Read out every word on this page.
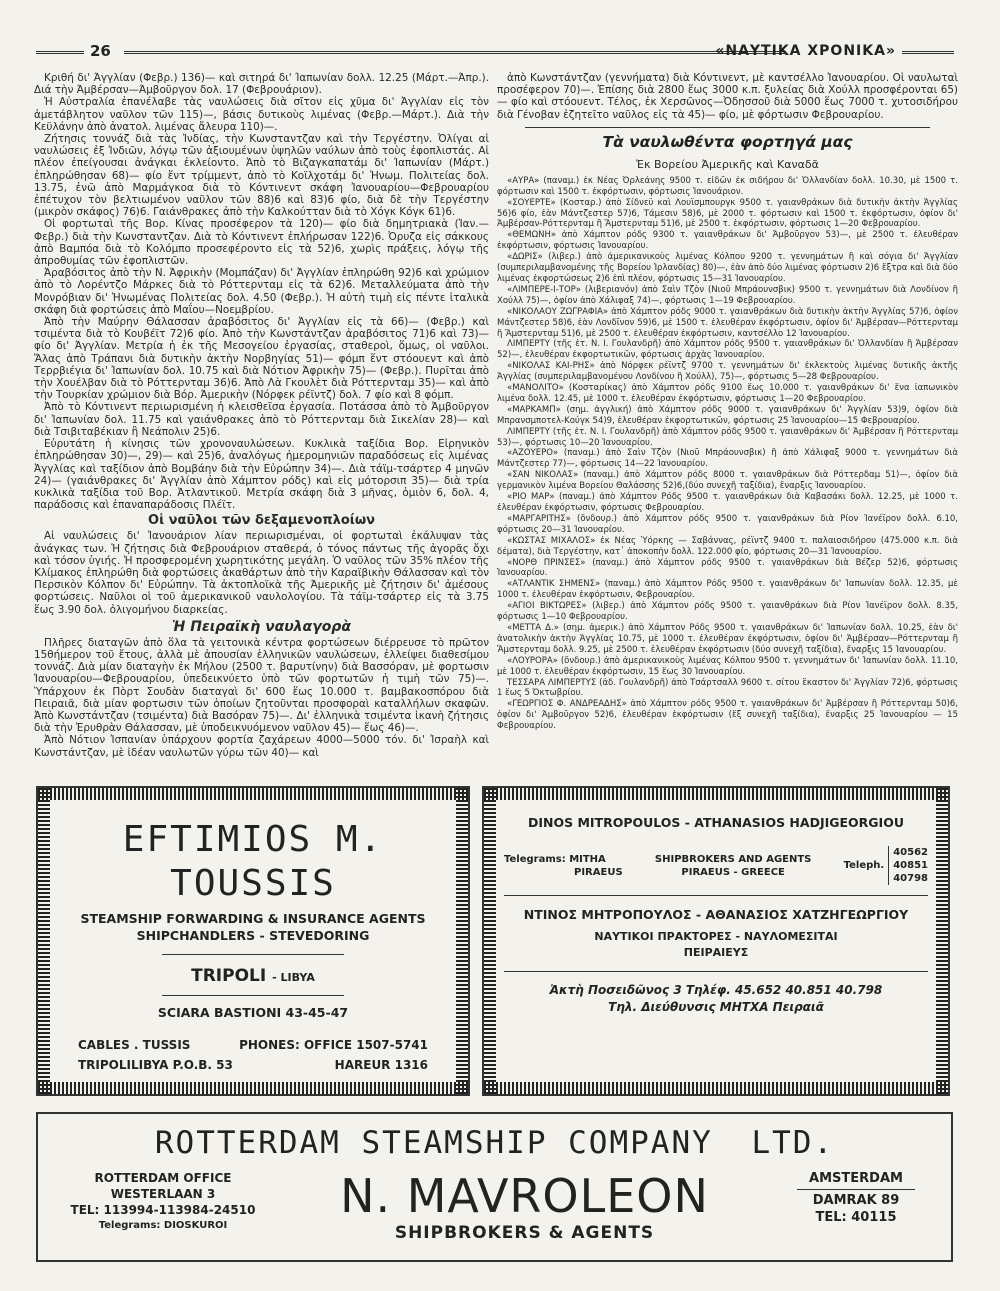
26	«ΝΑΥΤΙΚΑ ΧΡΟΝΙΚΑ»

Κριθή δι' Άγγλίαν (Φεβρ.) 136)— καὶ σιτηρά δι' Ίαπωνίαν δολλ. 12.25 (Μάρτ.—Άπρ.). Διά τὴν Άμβέρσαν—Άμβοῦργον δολ. 17 (Φεβρουάριον).

Ἡ Αὐστραλία ἐπανέλαβε τὰς ναυλώσεις διὰ σῖτον εἰς χῦμα δι' Ἀγγλίαν εἰς τὸν ἀμετάβλητον ναῦλον τῶν 115)—, βάσις δυτικοὺς λιμένας (Φεβρ.—Μάρτ.). Διὰ τὴν Κεϋλάνην ἀπὸ ἀνατολ. λιμένας ἄλευρα 110)—.

Ζήτησις τοννάζ διὰ τὰς Ἰνδίας, τὴν Κωνσταντζαν καὶ τὴν Τεργέστην. Ὀλίγαι αἱ ναυλώσεις ἐξ Ἰνδιῶν, λόγῳ τῶν ἀξιουμένων ὑψηλῶν ναύλων ἀπὸ τοὺς ἐφοπλιστάς. Αἱ πλέον ἐπείγουσαι ἀνάγκαι ἐκλείοντο. Ἀπὸ τὸ Βιζαγκαπατάμ δι' Ἰαπωνίαν (Μάρτ.) ἐπληρώθησαν 68)— φίο ἕντ τρίμμεντ, ἀπὸ τὸ Κοϊλχοτάμ δι' Ἡνωμ. Πολιτείας δολ. 13.75, ἐνῶ ἀπὸ Μαρμάγκοα διὰ τὸ Κόντινεντ σκάφη Ἰανουαρίου—Φεβρουαρίου ἐπέτυχον τὸν βελτιωμένον ναῦλον τῶν 88)6 καὶ 83)6 φίο, διὰ δὲ τὴν Τεργέστην (μικρὸν σκάφος) 76)6. Γαιάνθρακες ἀπὸ τὴν Καλκούτταν διὰ τὸ Χόγκ Κόγκ 61)6.

Οἱ φορτωταὶ τῆς Βορ. Κίνας προσέφερον τὰ 120)— φίο διὰ δημητριακὰ (Ἰαν.—Φεβρ.) διὰ τὴν Κωνσταντζαν. Διὰ τὸ Κόντινεντ ἐπλήρωσαν 122)6. Ὀρυζα εἰς σάκκους ἀπὸ Βαμπόα διὰ τὸ Κολόμπο προσεφέροντο εἰς τὰ 52)6, χωρὶς πράξεις, λόγῳ τῆς ἀπροθυμίας τῶν ἐφοπλιστῶν.

Ἀραβόσιτος ἀπὸ τὴν Ν. Ἀφρικὴν (Μομπάζαν) δι' Ἀγγλίαν ἐπληρώθη 92)6 καὶ χρώμιον ἀπὸ τὸ Λορέντζο Μάρκες διὰ τὸ Ρόττερνταμ εἰς τὰ 62)6. Μεταλλεύματα ἀπὸ τὴν Μονρόβιαν δι' Ἡνωμένας Πολιτείας δολ. 4.50 (Φεβρ.). Ἡ αὐτὴ τιμὴ εἰς πέντε ἰταλικὰ σκάφη διὰ φορτώσεις ἀπὸ Μαΐου—Νοεμβρίου.

Ἀπὸ τὴν Μαύρην Θάλασσαν ἀραβόσιτος δι' Ἀγγλίαν εἰς τὰ 66)— (Φεβρ.) καὶ τσιμέντα διὰ τὸ Κουβέϊτ 72)6 φίο. Ἀπὸ τὴν Κωνστάντζαν ἀραβόσιτος 71)6 καὶ 73)— φίο δι' Ἀγγλίαν. Μετρία ἡ ἐκ τῆς Μεσογείου ἐργασίας, σταθεροὶ, ὅμως, οἱ ναῦλοι. Ἄλας ἀπὸ Τράπανι διὰ δυτικὴν ἀκτὴν Νορβηγίας 51)— φόμπ ἕντ στόουεντ καὶ ἀπὸ Τερρβιέγια δι' Ἰαπωνίαν δολ. 10.75 καὶ διὰ Νότιον Ἀφρικὴν 75)— (Φεβρ.). Πυρῖται ἀπὸ τὴν Χουέλβαν διὰ τὸ Ρόττερνταμ 36)6. Ἀπὸ Λὰ Γκουλὲτ διὰ Ρόττερνταμ 35)— καὶ ἀπὸ τὴν Τουρκίαν χρώμιον διὰ Βόρ. Ἀμερικὴν (Νόρφεκ ρέϊντζ) δολ. 7 φίο καὶ 8 φόμπ.

Ἀπὸ τὸ Κόντινεντ περιωρισμένη ἡ κλεισθεῖσα ἐργασία. Ποτάσσα ἀπὸ τὸ Ἀμβοῦργον δι' Ἰαπωνίαν δολ. 11.75 καὶ γαιάνθρακες ἀπὸ τὸ Ρόττερνταμ διὰ Σικελίαν 28)— καὶ διὰ Τσιβιταβέκιαν ἢ Νεάπολιν 25)6.

Εὐρυτάτη ἡ κίνησις τῶν χρονοναυλώσεων. Κυκλικὰ ταξίδια Βορ. Εἰρηνικὸν ἐπληρώθησαν 30)—, 29)— καὶ 25)6, ἀναλόγως ἡμερομηνιῶν παραδόσεως εἰς λιμένας Ἀγγλίας καὶ ταξίδιον ἀπὸ Βομβάην διὰ τὴν Εὐρώπην 34)—. Διὰ τάϊμ-τσάρτερ 4 μηνῶν 24)— (γαιάνθρακες δι' Ἀγγλίαν ἀπὸ Χάμπτον ρόδς) καὶ εἰς μότορσιπ 35)— διὰ τρία κυκλικὰ ταξίδια τοῦ Βορ. Ἀτλαντικοῦ. Μετρία σκάφη διὰ 3 μῆνας, ὁμιὸν 6, δολ. 4, παράδοσις καὶ ἐπαναπαράδοσις Πλέϊτ.

Οἱ ναῦλοι τῶν δεξαμενοπλοίων

Αἱ ναυλώσεις δι' Ἰανουάριον λίαν περιωρισμέναι, οἱ φορτωταὶ ἐκάλυψαν τὰς ἀνάγκας των. Ἡ ζήτησις διὰ Φεβρουάριον σταθερά, ὁ τόνος πάντως τῆς ἀγορᾶς ὄχι καὶ τόσον ὑγιής. Ἡ προσφερομένη χωρητικότης μεγάλη. Ὁ ναῦλος τῶν 35% πλέον τῆς Κλίμακος ἐπληρώθη διὰ φορτώσεις ἀκαθάρτων ἀπὸ τὴν Καραϊβικὴν Θάλασσαν καὶ τὸν Περσικὸν Κόλπον δι' Εὐρώπην. Τὰ ἀκτοπλοϊκὰ τῆς Ἀμερικῆς μὲ ζήτησιν δι' ἀμέσους φορτώσεις. Ναῦλοι οἱ τοῦ ἀμερικανικοῦ ναυλολογίου. Τὰ τάϊμ-τσάρτερ εἰς τὰ 3.75 ἕως 3.90 δολ. ὀλιγομήνου διαρκείας.

Ἡ Πειραϊκὴ ναυλαγορὰ

Πλῆρες διαταγῶν ἀπὸ ὅλα τὰ γειτονικὰ κέντρα φορτώσεων διέρρευσε τὸ πρῶτον 15θήμερον τοῦ ἔτους, ἀλλὰ μὲ ἀπουσίαν ἑλληνικῶν ναυλώσεων, ἐλλείψει διαθεσίμου τοννάζ. Διὰ μίαν διαταγὴν ἐκ Μήλου (2500 τ. βαρυτίνην) διὰ Βασσόραν, μὲ φορτωσιν Ἰανουαρίου—Φεβρουαρίου, ὑπεδεικνύετο ὑπὸ τῶν φορτωτῶν ἡ τιμὴ τῶν 75)—. Ὑπάρχουν ἐκ Πὸρτ Σουδὰν διαταγαὶ δι' 600 ἕως 10.000 τ. βαμβακοσπόρου διὰ Πειραιᾶ, διὰ μίαν φορτωσιν τῶν ὁποίων ζητοῦνται προσφοραὶ καταλλήλων σκαφῶν. Ἀπὸ Κωνστάντζαν (τσιμέντα) διὰ Βασόραν 75)—. Δι' ἑλληνικὰ τσιμέντα ἱκανὴ ζήτησις διὰ τὴν Ἐρυθρὰν Θάλασσαν, μὲ ὑποδεικνυόμενον ναῦλον 45)— ἕως 46)—.

Ἀπὸ Νότιον Ἰσπανίαν ὑπάρχουν φορτία ζαχάρεων 4000—5000 τόν. δι' Ἰσραὴλ καὶ Κωνστάντζαν, μὲ ἰδέαν ναυλωτῶν γύρω τῶν 40)— καὶ

ἀπὸ Κωνστάντζαν (γεννήματα) διὰ Κόντινεντ, μὲ καντσέλλο Ἰανουαρίου. Οἱ ναυλωταὶ προσέφερον 70)—. Ἐπίσης διὰ 2800 ἕως 3000 κ.π. ξυλείας διὰ Χούλλ προσφέρονται 65)— φίο καὶ στόουεντ. Τέλος, ἐκ Χερσῶνος—Ὀδησσοῦ διὰ 5000 ἕως 7000 τ. χυτοσιδήρου διὰ Γένοβαν ἐζητεῖτο ναῦλος εἰς τὰ 45)— φίο, μὲ φόρτωσιν Φεβρουαρίου.

Τὰ ναυλωθέντα φορτηγά μας
Ἐκ Βορείου Ἀμερικῆς καὶ Καναδᾶ

«ΑΥΡΑ» (παναμ.) ἐκ Νέας Ὀρλεάνης 9500 τ. εἰδῶν ἐκ σιδήρου δι' Ὀλλανδίαν δολλ. 10.30, μὲ 1500 τ. φόρτωσιν καὶ 1500 τ. ἐκφόρτωσιν, φόρτωσις Ἰανουάριον.

«ΣΟΥΕΡΤΕ» (Κοσταρ.) ἀπὸ Σίδνεϋ καὶ Λουϊσμπουργκ 9500 τ. γαιανθράκων διὰ δυτικὴν ἀκτὴν Ἀγγλίας 56)6 φίο, ἐὰν Μάντζεστερ 57)6, Τάμεσιν 58)6, μὲ 2000 τ. φόρτωσιν καὶ 1500 τ. ἐκφόρτωσιν, ὁφίον δι' Ἀμβέρσαν-Ρόττερνταμ ἢ Ἄμστερνταμ 51)6, μὲ 2500 τ. ἐκφόρτωσιν, φόρτωσις 1—20 Φεβρουαρίου.

«ΘΕΜΩΝΗ» ἀπὸ Χάμπτον ρόδς 9300 τ. γαιανθράκων δι' Ἀμβοῦργον 53)—, μὲ 2500 τ. ἐλευθέραν ἐκφόρτωσιν, φόρτωσις Ἰανουαρίου.

«ΔΩΡΙΣ» (λιβερ.) ἀπὸ ἀμερικανικοὺς λιμένας Κόλπου 9200 τ. γεννημάτων ἢ καὶ σόγια δι' Ἀγγλίαν (συμπεριλαμβανομένης τῆς Βορείου Ἰρλανδίας) 80)—, ἐὰν ἀπὸ δύο λιμένας φόρτωσιν 2)6 ἔξτρα καὶ διὰ δύο λιμένας ἐκφορτώσεως 2)6 ἐπὶ πλέον, φόρτωσις 15—31 Ἰανουαρίου.

«ΛΙΜΠΕΡΕ-Ι-ΤΟΡ» (λιβεριανόν) ἀπὸ Σαὶν Τζὸν (Νιοῦ Μπράουνσβικ) 9500 τ. γεννημάτων διὰ Λονδίνον ἢ Χούλλ 75)—, ὁφίον ἀπὸ Χάλιφαξ 74)—, φόρτωσις 1—19 Φεβρουαρίου.

«ΝΙΚΟΛΑΟΥ ΖΩΓΡΑΦΙΑ» ἀπὸ Χάμπτον ρόδς 9000 τ. γαιανθράκων διὰ δυτικὴν ἀκτὴν Ἀγγλίας 57)6, ὁφίον Μάντζεστερ 58)6, ἐὰν Λονδῖνον 59)6, μὲ 1500 τ. ἐλευθέραν ἐκφόρτωσιν, ὁφίον δι' Ἀμβέρσαν—Ρόττερνταμ ἢ Ἄμστερνταμ 51)6, μὲ 2500 τ. ἐλευθέραν ἐκφόρτωσιν, καντσέλλο 12 Ἰανουαρίου.

ΛΙΜΠΕΡΤΥ (τῆς ἑτ. Ν. Ι. Γουλανδρῆ) ἀπὸ Χάμπτον ρόδς 9500 τ. γαιανθράκων δι' Ὀλλανδίαν ἢ Ἀμβέρσαν 52)—, ἐλευθέραν ἐκφορτωτικῶν, φόρτωσις ἀρχὰς Ἰανουαρίου.

«ΝΙΚΟΛΑΣ ΚΑΙ-ΡΗΣ» ἀπὸ Νόρφεκ ρέϊντζ 9700 τ. γεννημάτων δι' ἐκλεκτοὺς λιμένας δυτικῆς ἀκτῆς Ἀγγλίας (συμπεριλαμβανομένου Λονδίνου ἢ Χούλλ), 75)—, φόρτωσις 5—28 Φεβρουαρίου.

«ΜΑΝΟΛΙΤΟ» (Κοσταρίκας) ἀπὸ Χάμπτον ρόδς 9100 ἕως 10.000 τ. γαιανθράκων δι' ἕνα ἰαπωνικὸν λιμένα δολλ. 12.45, μὲ 1000 τ. ἐλευθέραν ἐκφόρτωσιν, φόρτωσις 1—20 Φεβρουαρίου.

«ΜΑΡΚΑΜΠ» (σημ. ἀγγλική) ἀπὸ Χάμπτον ρόδς 9000 τ. γαιανθράκων δι' Ἀγγλίαν 53)9, ὁφίον διὰ Μπρανσμποτελ-Κούγκ 54)9, ἐλευθέραν ἐκφορτωτικῶν, φόρτωσις 25 Ἰανουαρίου—15 Φεβρουαρίου.

ΛΙΜΠΕΡΤΥ (τῆς ἑτ. Ν. Ι. Γουλανδρῆ) ἀπὸ Χάμπτον ρόδς 9500 τ. γαιανθράκων δι' Ἀμβέρσαν ἢ Ρόττερνταμ 53)—, φόρτωσις 10—20 Ἰανουαρίου.

«ΑΖΟΥΕΡΟ» (παναμ.) ἀπὸ Σαὶν Τζὸν (Νιοῦ Μπράουνσβικ) ἢ ἀπὸ Χάλιφαξ 9000 τ. γεννημάτων διὰ Μάντζεστερ 77)—, φόρτωσις 14—22 Ἰανουαρίου.

«ΣΑΝ ΝΙΚΟΛΑΣ» (παναμ.) ἀπὸ Χάμπτον ρόδς 8000 τ. γαιανθράκων διὰ Ρόττερδαμ 51)—, ὁφίον διὰ γερμανικὸν λιμένα Βορείου Θαλάσσης 52)6,(δύο συνεχῆ ταξίδια), ἔναρξις Ἰανουαρίου.

«ΡΙΟ ΜΑΡ» (παναμ.) ἀπὸ Χάμπτον Ρόδς 9500 τ. γαιανθράκων διὰ Καβασάκι δολλ. 12.25, μὲ 1000 τ. ἐλευθέραν ἐκφόρτωσιν, φόρτωσις Φεβρουαρίου.

«ΜΑΡΓΑΡΙΤΗΣ» (ὄνδουρ.) ἀπὸ Χάμπτον ρόδς 9500 τ. γαιανθράκων διὰ Ρίον Ἰανέϊρον δολλ. 6.10, φόρτωσις 20—31 Ἰανουαρίου.

«ΚΩΣΤΑΣ ΜΙΧΑΛΟΣ» ἐκ Νέας Ὑόρκης — Σαβάννας, ρέϊντζ 9400 τ. παλαιοσιδήρου (475.000 κ.π. διὰ δέματα), διὰ Τεργέστην, κατ᾽ ἀποκοπὴν δολλ. 122.000 φίο, φόρτωσις 20—31 Ἰανουαρίου.

«ΝΟΡΘ ΠΡΙΝΣΕΣ» (παναμ.) ἀπὸ Χάμπτον ρόδς 9500 τ. γαιανθράκων διὰ Βέζερ 52)6, φόρτωσις Ἰανουαρίου.

«ΑΤΛΑΝΤΙΚ ΣΗΜΕΝΣ» (παναμ.) ἀπὸ Χάμπτον Ρόδς 9500 τ. γαιανθράκων δι' Ἰαπωνίαν δολλ. 12.35, μὲ 1000 τ. ἐλευθέραν ἐκφόρτωσιν, Φεβρουαρίου.

«ΑΓΙΟΙ ΒΙΚΤΩΡΕΣ» (λιβερ.) ἀπὸ Χάμπτον ρόδς 9500 τ. γαιανθράκων διὰ Ρίον Ἰανέϊρον δολλ. 8.35, φόρτωσις 1—10 Φεβρουαρίου.

«ΜΕΤΤΑ Δ.» (σημ. ἀμερικ.) ἀπὸ Χάμπτον Ρόδς 9500 τ. γαιανθράκων δι' Ἰαπωνίαν δολλ. 10.25, ἐὰν δι' ἀνατολικὴν ἀκτὴν Ἀγγλίας 10.75, μὲ 1000 τ. ἐλευθέραν ἐκφόρτωσιν, ὁφίον δι' Ἀμβέρσαν—Ρόττερνταμ ἢ Ἄμστερνταμ δολλ. 9.25, μὲ 2500 τ. ἐλευθέραν ἐκφόρτωσιν (δύο συνεχῆ ταξίδια), ἔναρξις 15 Ἰανουαρίου.

«ΛΟΥΡΟΡΑ» (ὄνδουρ.) ἀπὸ ἀμερικανικοὺς λιμένας Κόλπου 9500 τ. γεννημάτων δι' Ἰαπωνίαν δολλ. 11.10, μὲ 1000 τ. ἐλευθέραν ἐκφόρτωσιν, 15 ἕως 30 Ἰανουαρίου.

ΤΕΣΣΑΡΑ ΛΙΜΠΕΡΤΥΣ (ἀδ. Γουλανδρῆ) ἀπὸ Τσάρτσαλλ 9600 τ. σίτου ἕκαστον δι' Ἀγγλίαν 72)6, φόρτωσις 1 ἕως 5 Ὀκτωβρίου.

«ΓΕΩΡΓΙΟΣ Φ. ΑΝΔΡΕΑΔΗΣ» ἀπὸ Χάμπτον ρόδς 9500 τ. γαιανθράκων δι' Ἀμβέρσαν ἢ Ρόττερνταμ 50)6, ὁφίον δι' Ἀμβοῦργον 52)6, ἐλευθέραν ἐκφόρτωσιν (ἕξ συνεχῆ ταξίδια), ἔναρξις 25 Ἰανουαρίου — 15 Φεβρουαρίου.

EFTIMIOS M. TOUSSIS
STEAMSHIP FORWARDING & INSURANCE AGENTS
SHIPCHANDLERS - STEVEDORING
TRIPOLI - LIBYA
SCIARA BASTIONI 43-45-47
CABLES . TUSSIS	PHONES: OFFICE 1507-5741
TRIPOLILIBYA P.O.B. 53	HAREUR 1316
DINOS MITROPOULOS - ATHANASIOS HADJIGEORGIOU
Telegrams: MITHA
PIRAEUS
SHIPBROKERS AND AGENTS
PIRAEUS - GREECE
Teleph.
40562
40851
40798
ΝΤΙΝΟΣ ΜΗΤΡΟΠΟΥΛΟΣ - ΑΘΑΝΑΣΙΟΣ ΧΑΤΖΗΓΕΩΡΓΙΟΥ
ΝΑΥΤΙΚΟΙ ΠΡΑΚΤΟΡΕΣ - ΝΑΥΛΟΜΕΣΙΤΑΙ
ΠΕΙΡΑΙΕΥΣ
Ἀκτὴ Ποσειδῶνος 3 Τηλέφ. 45.652 40.851 40.798
Τηλ. Διεύθυνσις ΜΗΤΧΑ Πειραιᾶ
ROTTERDAM STEAMSHIP COMPANY LTD.
ROTTERDAM OFFICE
WESTERLAAN 3
TEL: 113994-113984-24510
Telegrams: DIOSKUROI
N. MAVROLEON
SHIPBROKERS & AGENTS
AMSTERDAM
DAMRAK 89
TEL: 40115
